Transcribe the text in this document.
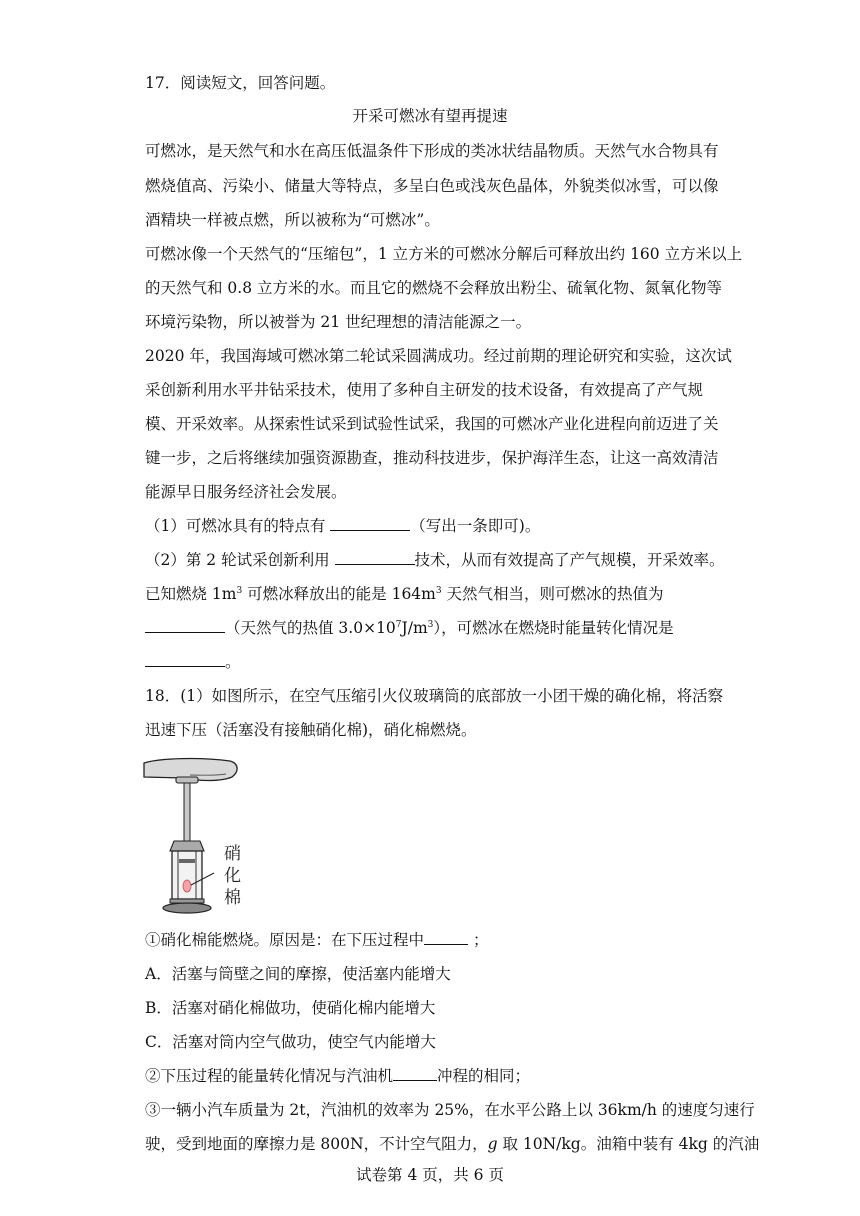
17．阅读短文，回答问题。
开采可燃冰有望再提速
可燃冰，是天然气和水在高压低温条件下形成的类冰状结晶物质。天然气水合物具有
燃烧值高、污染小、储量大等特点，多呈白色或浅灰色晶体，外貌类似冰雪，可以像
酒精块一样被点燃，所以被称为“可燃冰”。
可燃冰像一个天然气的“压缩包”，1 立方米的可燃冰分解后可释放出约 160 立方米以上
的天然气和 0.8 立方米的水。而且它的燃烧不会释放出粉尘、硫氧化物、氮氧化物等
环境污染物，所以被誉为 21 世纪理想的清洁能源之一。
2020 年，我国海域可燃冰第二轮试采圆满成功。经过前期的理论研究和实验，这次试
采创新利用水平井钻采技术，使用了多种自主研发的技术设备，有效提高了产气规
模、开采效率。从探索性试采到试验性试采，我国的可燃冰产业化进程向前迈进了关
键一步，之后将继续加强资源勘查，推动科技进步，保护海洋生态，让这一高效清洁
能源早日服务经济社会发展。
（1）可燃冰具有的特点有	（写出一条即可)。
（2）第 2 轮试采创新利用	技术，从而有效提高了产气规模，开采效率。
已知燃烧 $1m^3$ 可燃冰释放出的能是 $164m^3$ 天然气相当，则可燃冰的热值为
（天然气的热值 $3.0\times 10^7J/m^3$），可燃冰在燃烧时能量转化情况是
。
18．(1）如图所示，在空气压缩引火仪玻璃筒的底部放一小团干燥的确化棉，将活察
迅速下压（活塞没有接触硝化棉)，硝化棉燃烧。
硝
化
棉
①硝化棉能燃烧。原因是：在下压过程中	；
A．活塞与筒壁之间的摩擦，使活塞内能增大
B．活塞对硝化棉做功，使硝化棉内能增大
C．活塞对筒内空气做功，使空气内能增大
②下压过程的能量转化情况与汽油机	冲程的相同；
③一辆小汽车质量为 2t，汽油机的效率为 25%，在水平公路上以 36km/h 的速度匀速行
驶，受到地面的摩擦力是 800N，不计空气阻力，g 取 10N/kg。油箱中装有 4kg 的汽油
试卷第 4 页，共 6 页
